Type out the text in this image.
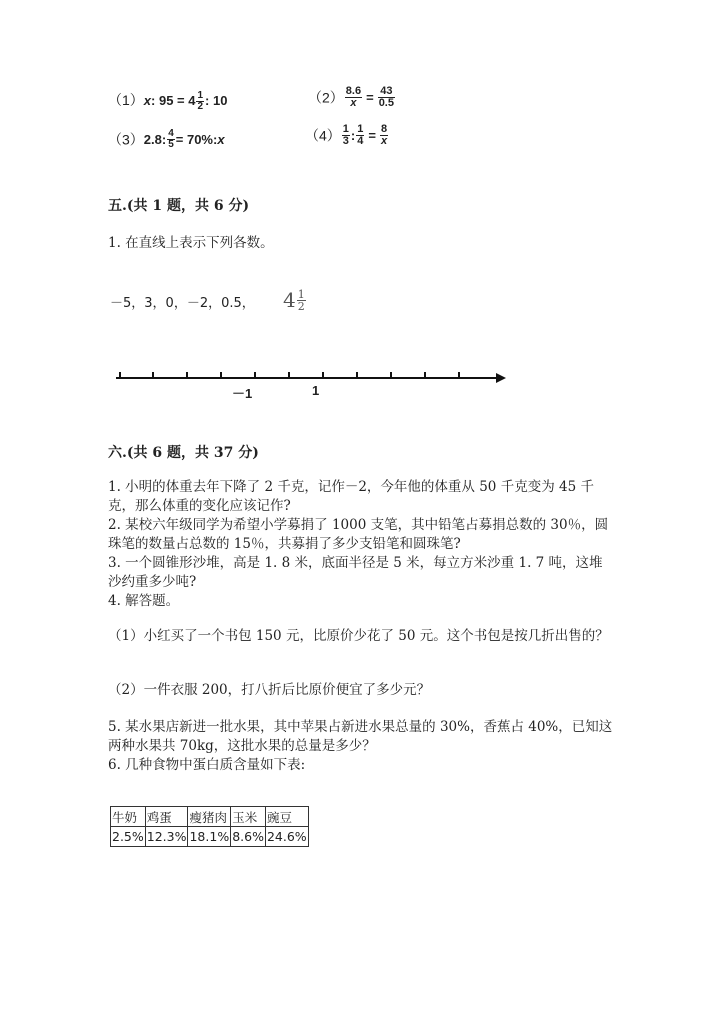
（1）x: $95 = 4 \frac{1}{2}$ : 10	$(2) \frac{8.6}{x} = \frac{43}{0.5}$
（3）2.8: $\frac{4}{5}$ = 70%:x	$(4) \frac{1}{3}$ : $\frac{1}{4} = \frac{8}{x}$
五.(共 1 题，共 6 分)
1. 在直线上表示下列各数。
－5，3，0，－2，0.5， $4 \frac{1}{2}$
－1	1
六.(共 6 题，共 37 分)
1. 小明的体重去年下降了 2 千克，记作－2，今年他的体重从 50 千克变为 45 千克，那么体重的变化应该记作?
2. 某校六年级同学为希望小学募捐了 1000 支笔，其中铅笔占募捐总数的 30％，圆珠笔的数量占总数的 15％，共募捐了多少支铅笔和圆珠笔?
3. 一个圆锥形沙堆，高是 1. 8 米，底面半径是 5 米，每立方米沙重 1. 7 吨，这堆沙约重多少吨?
4. 解答题。
（1）小红买了一个书包 150 元，比原价少花了 50 元。这个书包是按几折出售的？
（2）一件衣服 200，打八折后比原价便宜了多少元？
5. 某水果店新进一批水果，其中苹果占新进水果总量的 30%，香蕉占 40%，已知这两种水果共 70kg，这批水果的总量是多少？
6. 几种食物中蛋白质含量如下表:
牛奶	鸡蛋	瘦猪肉	玉米	豌豆
2.5%	12.3%	18.1%	8.6%	24.6%
